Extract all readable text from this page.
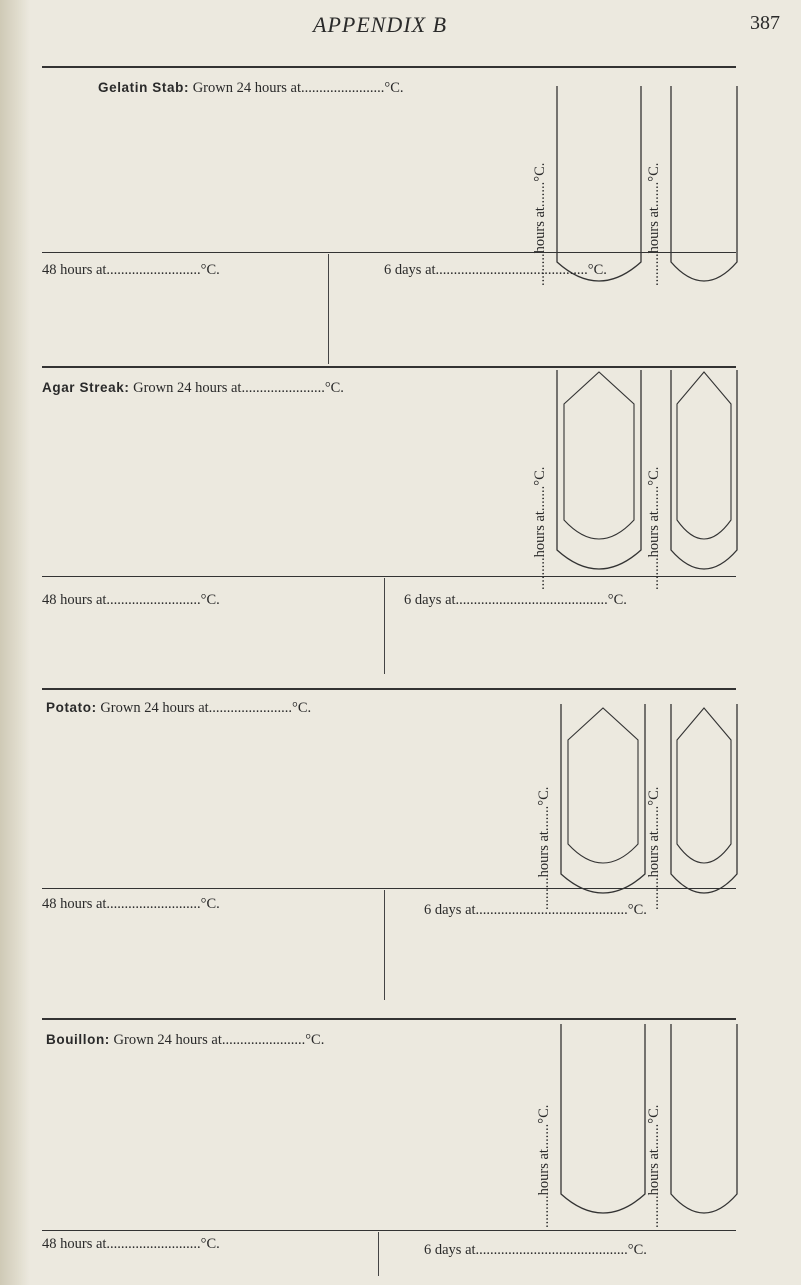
APPENDIX B	387
Gelatin Stab: Grown 24 hours at.......................°C.
.........hours at.......°C.	.........hours at.......°C.
48 hours at..........................°C.	6 days at..........................................°C.
Agar Streak: Grown 24 hours at.......................°C.
.........hours at.......°C.	.........hours at.......°C.
48 hours at..........................°C.	6 days at..........................................°C.
Potato: Grown 24 hours at.......................°C.
.........hours at.......°C.	.........hours at.......°C.
48 hours at..........................°C.	6 days at..........................................°C.
Bouillon: Grown 24 hours at.......................°C.
.........hours at.......°C.	.........hours at.......°C.
48 hours at..........................°C.	6 days at..........................................°C.
